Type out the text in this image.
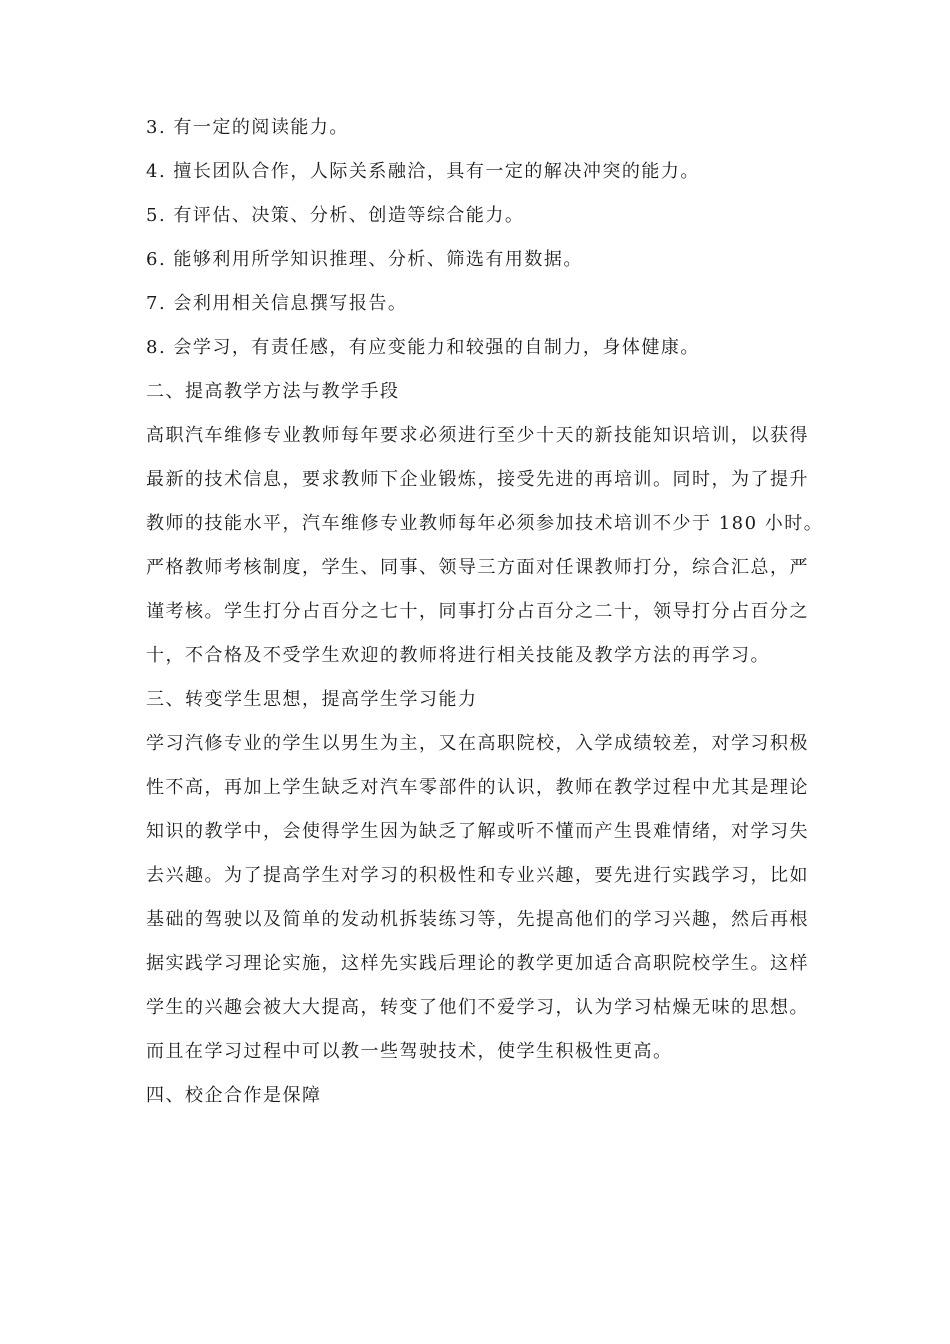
3. 有一定的阅读能力。
4. 擅长团队合作，人际关系融洽，具有一定的解决冲突的能力。
5. 有评估、决策、分析、创造等综合能力。
6. 能够利用所学知识推理、分析、筛选有用数据。
7. 会利用相关信息撰写报告。
8. 会学习，有责任感，有应变能力和较强的自制力，身体健康。
二、提高教学方法与教学手段
高职汽车维修专业教师每年要求必须进行至少十天的新技能知识培训，以获得
最新的技术信息，要求教师下企业锻炼，接受先进的再培训。同时，为了提升
教师的技能水平，汽车维修专业教师每年必须参加技术培训不少于 180 小时。
严格教师考核制度，学生、同事、领导三方面对任课教师打分，综合汇总，严
谨考核。学生打分占百分之七十，同事打分占百分之二十，领导打分占百分之
十，不合格及不受学生欢迎的教师将进行相关技能及教学方法的再学习。
三、转变学生思想，提高学生学习能力
学习汽修专业的学生以男生为主，又在高职院校，入学成绩较差，对学习积极
性不高，再加上学生缺乏对汽车零部件的认识，教师在教学过程中尤其是理论
知识的教学中，会使得学生因为缺乏了解或听不懂而产生畏难情绪，对学习失
去兴趣。为了提高学生对学习的积极性和专业兴趣，要先进行实践学习，比如
基础的驾驶以及简单的发动机拆装练习等，先提高他们的学习兴趣，然后再根
据实践学习理论实施，这样先实践后理论的教学更加适合高职院校学生。这样
学生的兴趣会被大大提高，转变了他们不爱学习，认为学习枯燥无味的思想。
而且在学习过程中可以教一些驾驶技术，使学生积极性更高。
四、校企合作是保障
